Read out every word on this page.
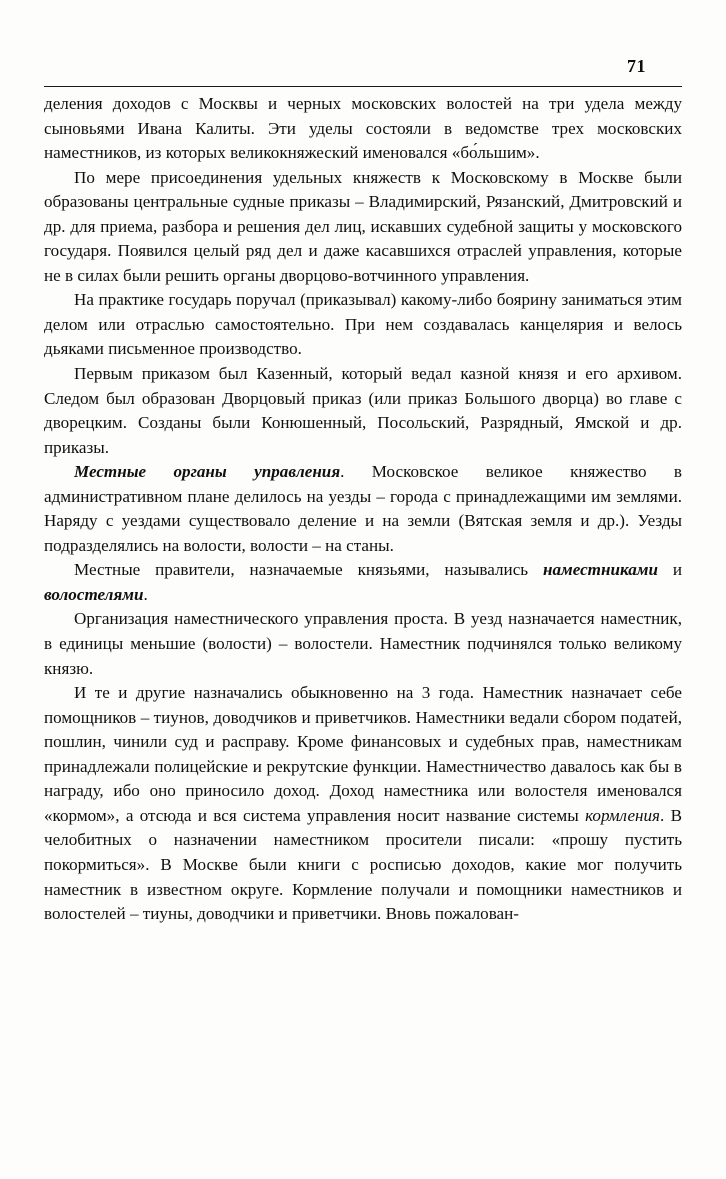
71

деления доходов с Москвы и черных московских волостей на три удела между сыновьями Ивана Калиты. Эти уделы состояли в ведомстве трех московских наместников, из которых великокняжеский именовался «бо́льшим».

По мере присоединения удельных княжеств к Московскому в Москве были образованы центральные судные приказы – Владимирский, Рязанский, Дмитровский и др. для приема, разбора и решения дел лиц, искавших судебной защиты у московского государя. Появился целый ряд дел и даже касавшихся отраслей управления, которые не в силах были решить органы дворцово-вотчинного управления.

На практике государь поручал (приказывал) какому-либо боярину заниматься этим делом или отраслью самостоятельно. При нем создавалась канцелярия и велось дьяками письменное производство.

Первым приказом был Казенный, который ведал казной князя и его архивом. Следом был образован Дворцовый приказ (или приказ Большого дворца) во главе с дворецким. Созданы были Конюшенный, Посольский, Разрядный, Ямской и др. приказы.

Местные органы управления. Московское великое княжество в административном плане делилось на уезды – города с принадлежащими им землями. Наряду с уездами существовало деление и на земли (Вятская земля и др.). Уезды подразделялись на волости, волости – на станы.

Местные правители, назначаемые князьями, назывались наместниками и волостелями.

Организация наместнического управления проста. В уезд назначается наместник, в единицы меньшие (волости) – волостели. Наместник подчинялся только великому князю.

И те и другие назначались обыкновенно на 3 года. Наместник назначает себе помощников – тиунов, доводчиков и приветчиков. Наместники ведали сбором податей, пошлин, чинили суд и расправу. Кроме финансовых и судебных прав, наместникам принадлежали полицейские и рекрутские функции. Наместничество давалось как бы в награду, ибо оно приносило доход. Доход наместника или волостеля именовался «кормом», а отсюда и вся система управления носит название системы кормления. В челобитных о назначении наместником просители писали: «прошу пустить покормиться». В Москве были книги с росписью доходов, какие мог получить наместник в известном округе. Кормление получали и помощники наместников и волостелей – тиуны, доводчики и приветчики. Вновь пожалован-
